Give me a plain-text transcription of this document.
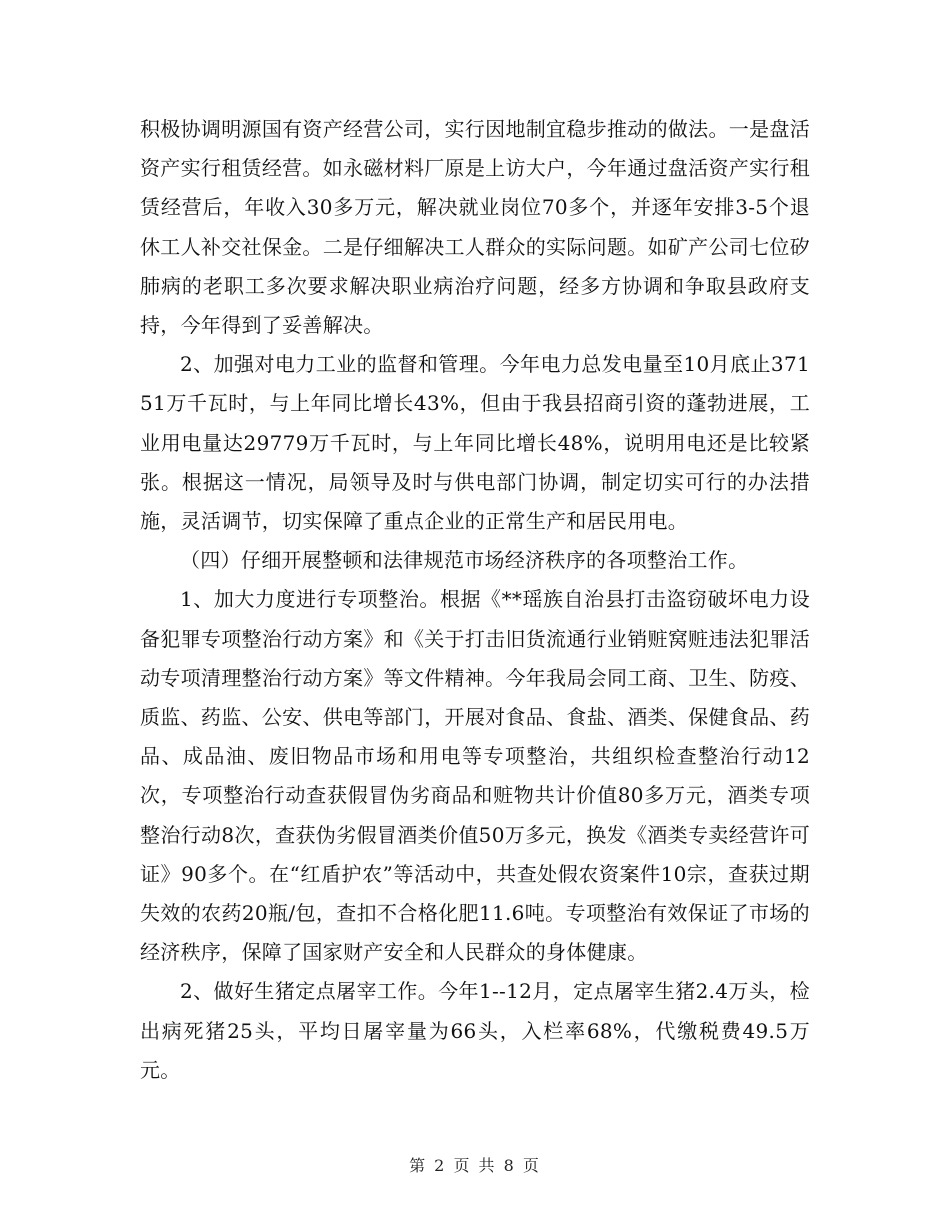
积极协调明源国有资产经营公司，实行因地制宜稳步推动的做法。一是盘活资产实行租赁经营。如永磁材料厂原是上访大户，今年通过盘活资产实行租赁经营后，年收入30多万元，解决就业岗位70多个，并逐年安排3-5个退休工人补交社保金。二是仔细解决工人群众的实际问题。如矿产公司七位矽肺病的老职工多次要求解决职业病治疗问题，经多方协调和争取县政府支持，今年得到了妥善解决。

2、加强对电力工业的监督和管理。今年电力总发电量至10月底止37151万千瓦时，与上年同比增长43%，但由于我县招商引资的蓬勃进展，工业用电量达29779万千瓦时，与上年同比增长48%，说明用电还是比较紧张。根据这一情况，局领导及时与供电部门协调，制定切实可行的办法措施，灵活调节，切实保障了重点企业的正常生产和居民用电。

（四）仔细开展整顿和法律规范市场经济秩序的各项整治工作。

1、加大力度进行专项整治。根据《**瑶族自治县打击盗窃破坏电力设备犯罪专项整治行动方案》和《关于打击旧货流通行业销赃窝赃违法犯罪活动专项清理整治行动方案》等文件精神。今年我局会同工商、卫生、防疫、质监、药监、公安、供电等部门，开展对食品、食盐、酒类、保健食品、药品、成品油、废旧物品市场和用电等专项整治，共组织检查整治行动12次，专项整治行动查获假冒伪劣商品和赃物共计价值80多万元，酒类专项整治行动8次，查获伪劣假冒酒类价值50万多元，换发《酒类专卖经营许可证》90多个。在“红盾护农”等活动中，共查处假农资案件10宗，查获过期失效的农药20瓶/包，查扣不合格化肥11.6吨。专项整治有效保证了市场的经济秩序，保障了国家财产安全和人民群众的身体健康。

2、做好生猪定点屠宰工作。今年1--12月，定点屠宰生猪2.4万头，检出病死猪25头，平均日屠宰量为66头，入栏率68%，代缴税费49.5万元。

第 2 页 共 8 页
